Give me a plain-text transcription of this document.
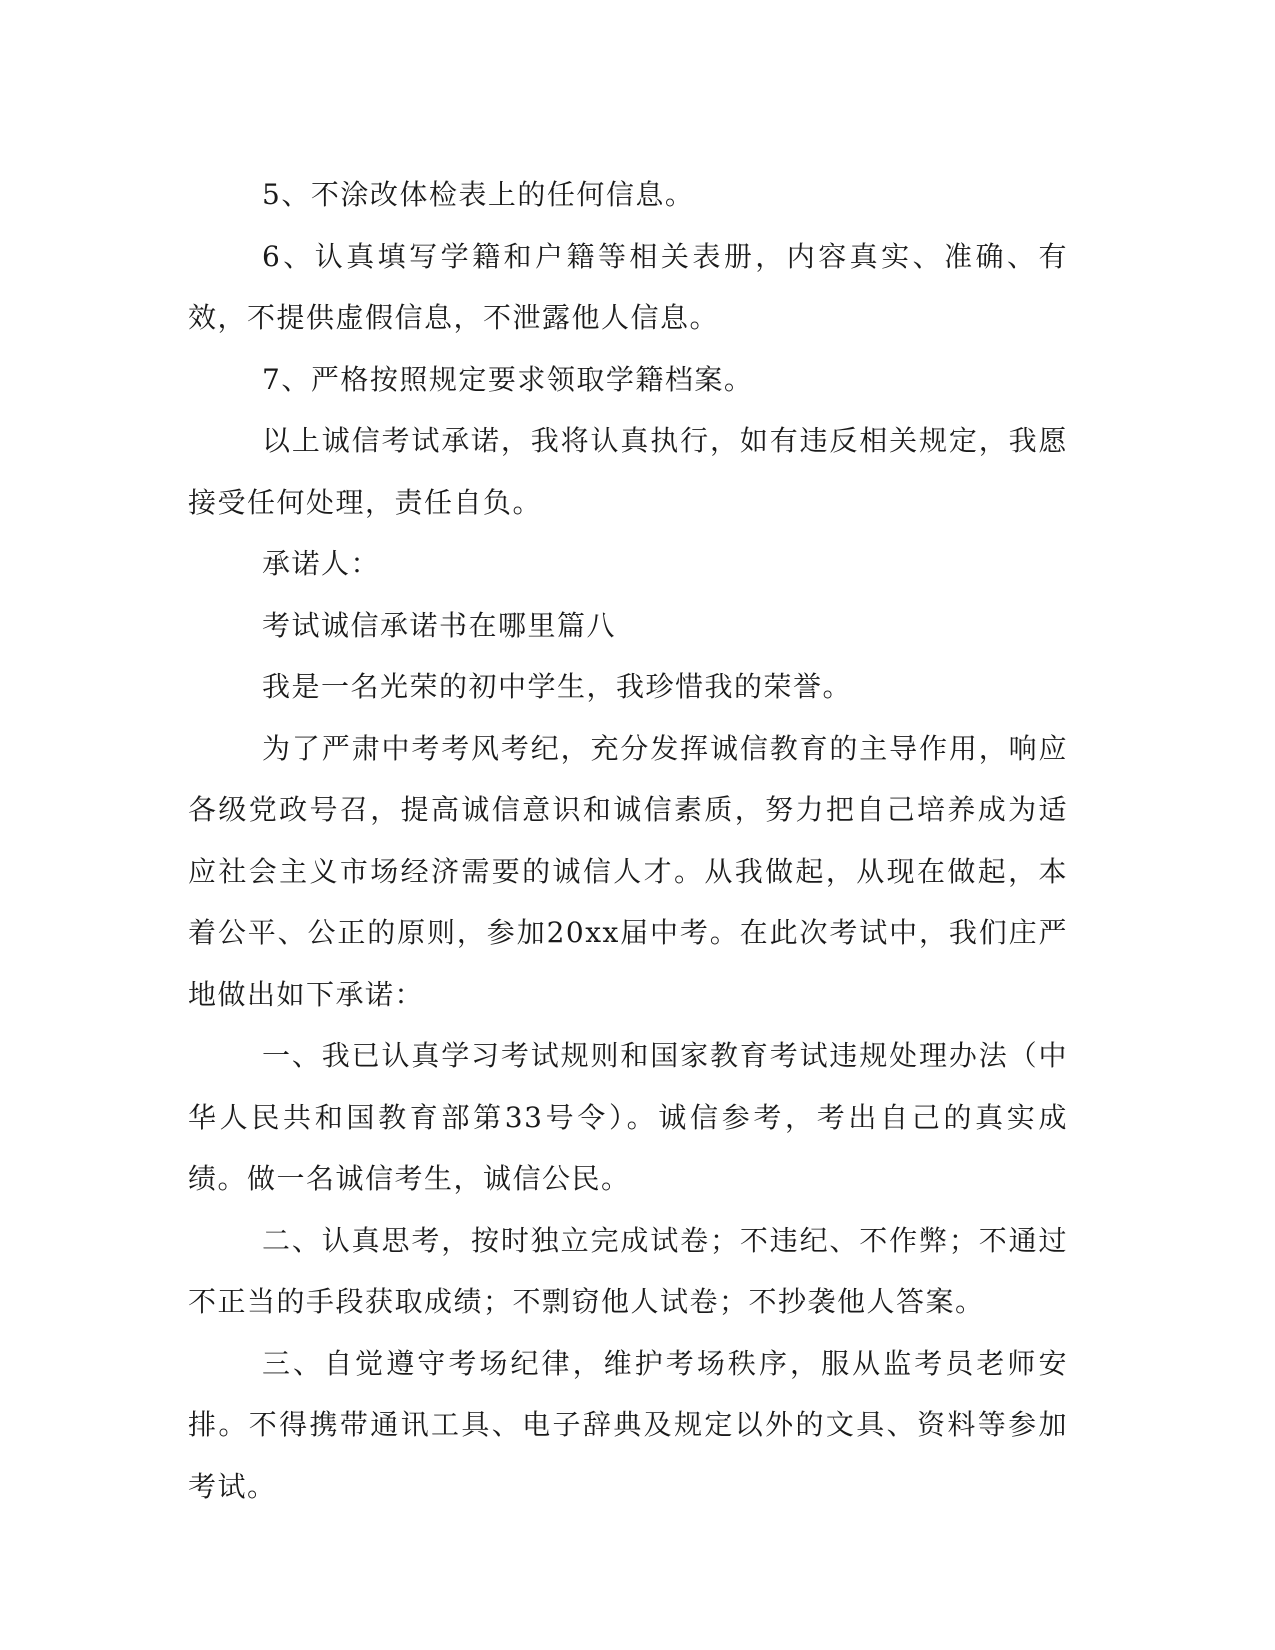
5、不涂改体检表上的任何信息。

6、认真填写学籍和户籍等相关表册，内容真实、准确、有效，不提供虚假信息，不泄露他人信息。

7、严格按照规定要求领取学籍档案。

以上诚信考试承诺，我将认真执行，如有违反相关规定，我愿接受任何处理，责任自负。

承诺人：

考试诚信承诺书在哪里篇八

我是一名光荣的初中学生，我珍惜我的荣誉。

为了严肃中考考风考纪，充分发挥诚信教育的主导作用，响应各级党政号召，提高诚信意识和诚信素质，努力把自己培养成为适应社会主义市场经济需要的诚信人才。从我做起，从现在做起，本着公平、公正的原则，参加20xx届中考。在此次考试中，我们庄严地做出如下承诺：

一、我已认真学习考试规则和国家教育考试违规处理办法（中华人民共和国教育部第33号令）。诚信参考，考出自己的真实成绩。做一名诚信考生，诚信公民。

二、认真思考，按时独立完成试卷；不违纪、不作弊；不通过不正当的手段获取成绩；不剽窃他人试卷；不抄袭他人答案。

三、自觉遵守考场纪律，维护考场秩序，服从监考员老师安排。不得携带通讯工具、电子辞典及规定以外的文具、资料等参加考试。
